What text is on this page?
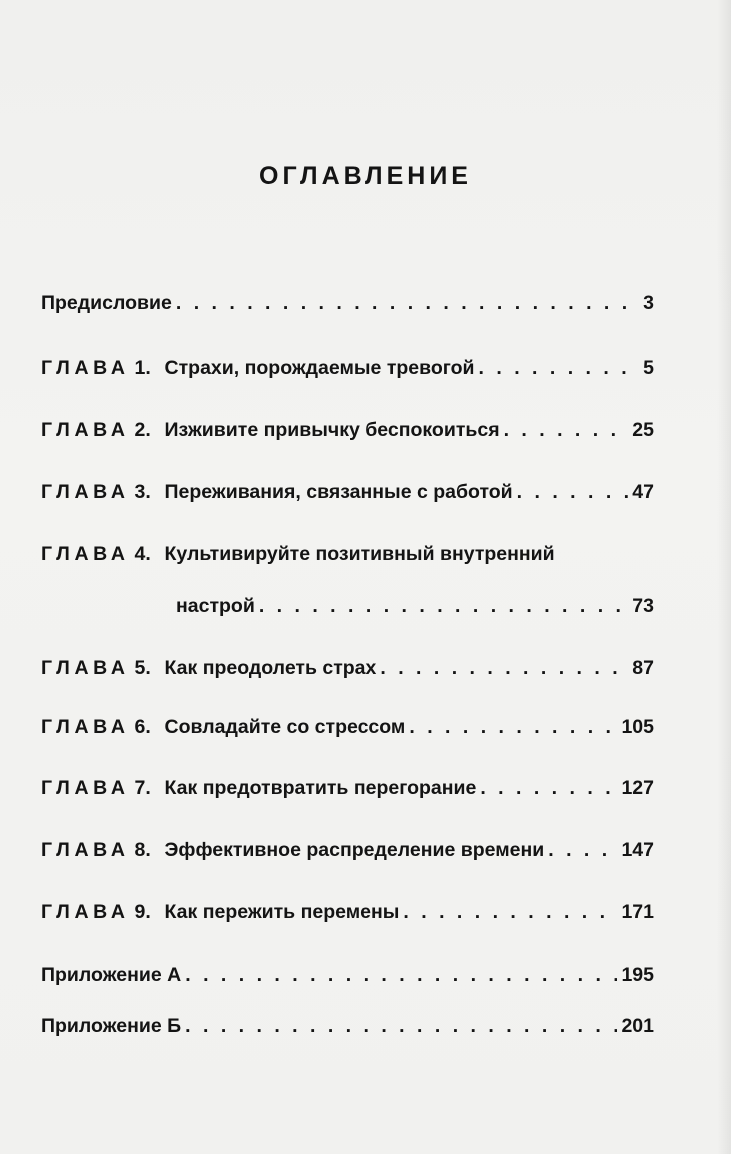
ОГЛАВЛЕНИЕ
Предисловие . . .	3
ГЛАВА 1. Страхи, порождаемые тревогой . . .	5
ГЛАВА 2. Изживите привычку беспокоиться . . .	25
ГЛАВА 3. Переживания, связанные с работой . . .	47
ГЛАВА 4. Культивируйте позитивный внутренний
настрой . . .	73
ГЛАВА 5. Как преодолеть страх . . .	87
ГЛАВА 6. Совладайте со стрессом . . .	105
ГЛАВА 7. Как предотвратить перегорание . . .	127
ГЛАВА 8. Эффективное распределение времени . . .	147
ГЛАВА 9. Как пережить перемены . . .	171
Приложение А . . .	195
Приложение Б . . .	201
